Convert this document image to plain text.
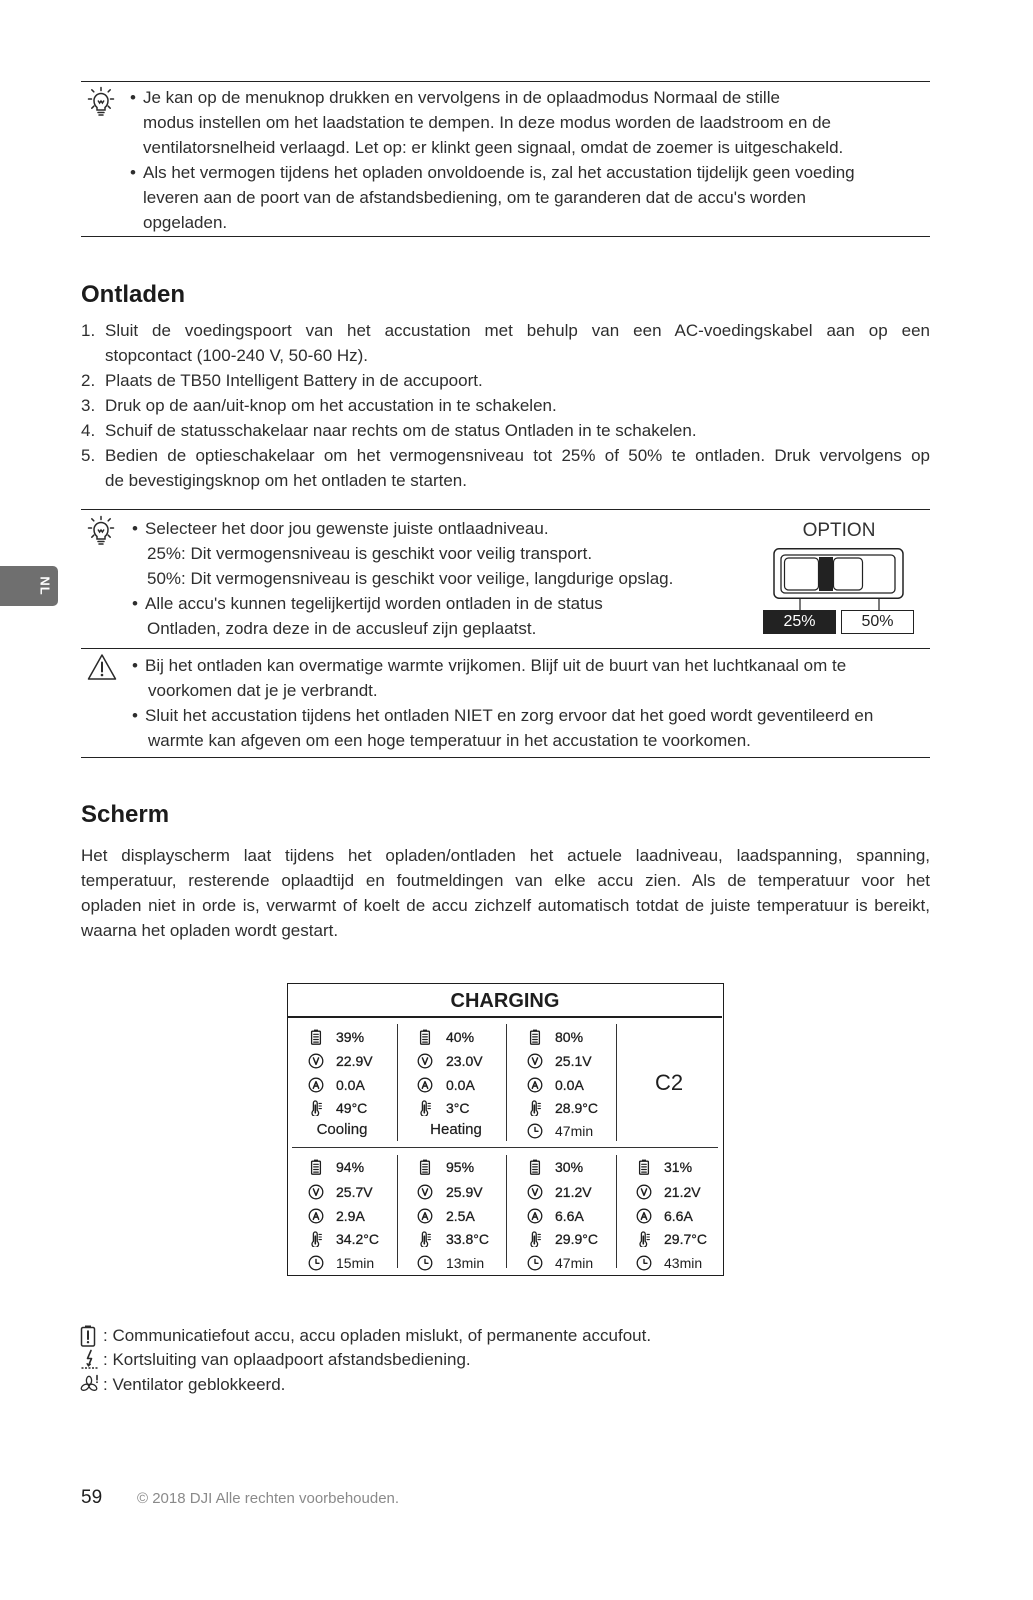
NL
• Je kan op de menuknop drukken en vervolgens in de oplaadmodus Normaal de stille
modus instellen om het laadstation te dempen. In deze modus worden de laadstroom en de
ventilatorsnelheid verlaagd. Let op: er klinkt geen signaal, omdat de zoemer is uitgeschakeld.
• Als het vermogen tijdens het opladen onvoldoende is, zal het accustation tijdelijk geen voeding
leveren aan de poort van de afstandsbediening, om te garanderen dat de accu's worden
opgeladen.
Ontladen
1. Sluit de voedingspoort van het accustation met behulp van een AC-voedingskabel aan op een
stopcontact (100-240 V, 50-60 Hz).
2. Plaats de TB50 Intelligent Battery in de accupoort.
3. Druk op de aan/uit-knop om het accustation in te schakelen.
4. Schuif de statusschakelaar naar rechts om de status Ontladen in te schakelen.
5. Bedien de optieschakelaar om het vermogensniveau tot 25% of 50% te ontladen. Druk vervolgens op
de bevestigingsknop om het ontladen te starten.
• Selecteer het door jou gewenste juiste ontlaadniveau.
25%: Dit vermogensniveau is geschikt voor veilig transport.
50%: Dit vermogensniveau is geschikt voor veilige, langdurige opslag.
• Alle accu's kunnen tegelijkertijd worden ontladen in de status
Ontladen, zodra deze in de accusleuf zijn geplaatst.
OPTION
25%	50%
• Bij het ontladen kan overmatige warmte vrijkomen. Blijf uit de buurt van het luchtkanaal om te
voorkomen dat je je verbrandt.
• Sluit het accustation tijdens het ontladen NIET en zorg ervoor dat het goed wordt geventileerd en
warmte kan afgeven om een hoge temperatuur in het accustation te voorkomen.
Scherm
Het displayscherm laat tijdens het opladen/ontladen het actuele laadniveau, laadspanning, spanning,
temperatuur, resterende oplaadtijd en foutmeldingen van elke accu zien. Als de temperatuur voor het
opladen niet in orde is, verwarmt of koelt de accu zichzelf automatisch totdat de juiste temperatuur is bereikt,
waarna het opladen wordt gestart.
CHARGING
39%
22.9V
0.0A
49°C
Cooling
40%
23.0V
0.0A
3°C
Heating
80%
25.1V
0.0A
28.9°C
47min
C2
94%
25.7V
2.9A
34.2°C
15min
95%
25.9V
2.5A
33.8°C
13min
30%
21.2V
6.6A
29.9°C
47min
31%
21.2V
6.6A
29.7°C
43min
: Communicatiefout accu, accu opladen mislukt, of permanente accufout.
: Kortsluiting van oplaadpoort afstandsbediening.
: Ventilator geblokkeerd.
59 © 2018 DJI Alle rechten voorbehouden.
